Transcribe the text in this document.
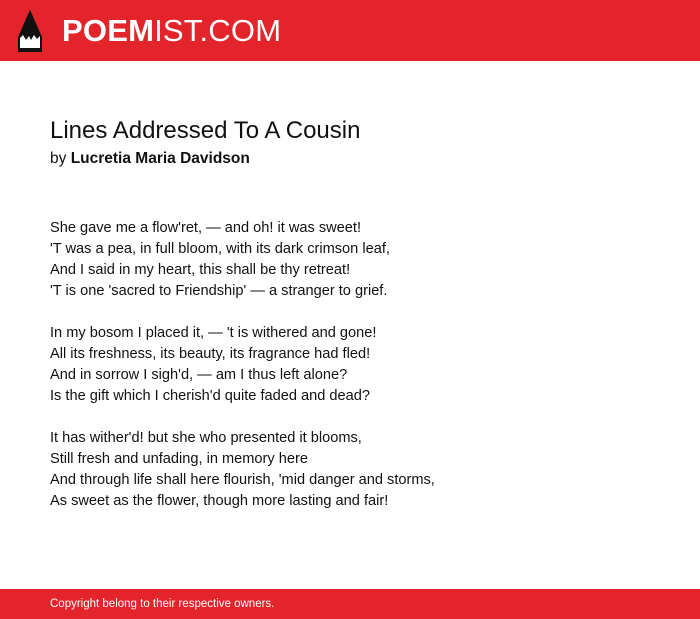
POEMIST.COM
Lines Addressed To A Cousin
by Lucretia Maria Davidson
She gave me a flow'ret, — and oh! it was sweet!
'T was a pea, in full bloom, with its dark crimson leaf,
And I said in my heart, this shall be thy retreat!
'T is one 'sacred to Friendship' — a stranger to grief.
In my bosom I placed it, — 't is withered and gone!
All its freshness, its beauty, its fragrance had fled!
And in sorrow I sigh'd, — am I thus left alone?
Is the gift which I cherish'd quite faded and dead?
It has wither'd! but she who presented it blooms,
Still fresh and unfading, in memory here
And through life shall here flourish, 'mid danger and storms,
As sweet as the flower, though more lasting and fair!
Copyright belong to their respective owners.
